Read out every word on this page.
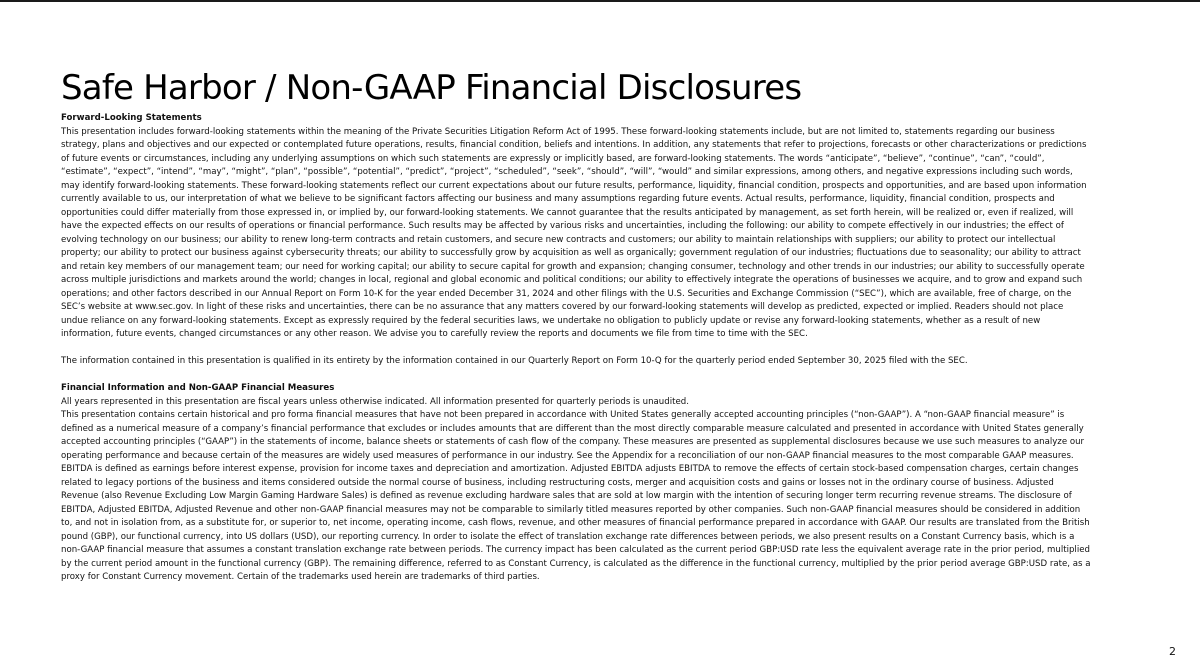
Safe Harbor / Non-GAAP Financial Disclosures

Forward-Looking Statements

This presentation includes forward-looking statements within the meaning of the Private Securities Litigation Reform Act of 1995. These forward-looking statements include, but are not limited to, statements regarding our business strategy, plans and objectives and our expected or contemplated future operations, results, financial condition, beliefs and intentions. In addition, any statements that refer to projections, forecasts or other characterizations or predictions of future events or circumstances, including any underlying assumptions on which such statements are expressly or implicitly based, are forward-looking statements. The words “anticipate”, “believe”, “continue”, “can”, “could”, “estimate”, “expect”, “intend”, “may”, “might”, “plan”, “possible”, “potential”, “predict”, “project”, “scheduled”, “seek”, “should”, “will”, “would” and similar expressions, among others, and negative expressions including such words, may identify forward-looking statements. These forward-looking statements reflect our current expectations about our future results, performance, liquidity, financial condition, prospects and opportunities, and are based upon information currently available to us, our interpretation of what we believe to be significant factors affecting our business and many assumptions regarding future events. Actual results, performance, liquidity, financial condition, prospects and opportunities could differ materially from those expressed in, or implied by, our forward-looking statements. We cannot guarantee that the results anticipated by management, as set forth herein, will be realized or, even if realized, will have the expected effects on our results of operations or financial performance. Such results may be affected by various risks and uncertainties, including the following: our ability to compete effectively in our industries; the effect of evolving technology on our business; our ability to renew long-term contracts and retain customers, and secure new contracts and customers; our ability to maintain relationships with suppliers; our ability to protect our intellectual property; our ability to protect our business against cybersecurity threats; our ability to successfully grow by acquisition as well as organically; government regulation of our industries; fluctuations due to seasonality; our ability to attract and retain key members of our management team; our need for working capital; our ability to secure capital for growth and expansion; changing consumer, technology and other trends in our industries; our ability to successfully operate across multiple jurisdictions and markets around the world; changes in local, regional and global economic and political conditions; our ability to effectively integrate the operations of businesses we acquire, and to grow and expand such operations; and other factors described in our Annual Report on Form 10-K for the year ended December 31, 2024 and other filings with the U.S. Securities and Exchange Commission (“SEC”), which are available, free of charge, on the SEC’s website at www.sec.gov. In light of these risks and uncertainties, there can be no assurance that any matters covered by our forward-looking statements will develop as predicted, expected or implied. Readers should not place undue reliance on any forward-looking statements. Except as expressly required by the federal securities laws, we undertake no obligation to publicly update or revise any forward-looking statements, whether as a result of new information, future events, changed circumstances or any other reason. We advise you to carefully review the reports and documents we file from time to time with the SEC.

The information contained in this presentation is qualified in its entirety by the information contained in our Quarterly Report on Form 10-Q for the quarterly period ended September 30, 2025 filed with the SEC.

Financial Information and Non-GAAP Financial Measures

All years represented in this presentation are fiscal years unless otherwise indicated. All information presented for quarterly periods is unaudited.

This presentation contains certain historical and pro forma financial measures that have not been prepared in accordance with United States generally accepted accounting principles (“non-GAAP”). A “non-GAAP financial measure” is defined as a numerical measure of a company’s financial performance that excludes or includes amounts that are different than the most directly comparable measure calculated and presented in accordance with United States generally accepted accounting principles (“GAAP”) in the statements of income, balance sheets or statements of cash flow of the company. These measures are presented as supplemental disclosures because we use such measures to analyze our operating performance and because certain of the measures are widely used measures of performance in our industry. See the Appendix for a reconciliation of our non-GAAP financial measures to the most comparable GAAP measures. EBITDA is defined as earnings before interest expense, provision for income taxes and depreciation and amortization. Adjusted EBITDA adjusts EBITDA to remove the effects of certain stock-based compensation charges, certain changes related to legacy portions of the business and items considered outside the normal course of business, including restructuring costs, merger and acquisition costs and gains or losses not in the ordinary course of business. Adjusted Revenue (also Revenue Excluding Low Margin Gaming Hardware Sales) is defined as revenue excluding hardware sales that are sold at low margin with the intention of securing longer term recurring revenue streams. The disclosure of EBITDA, Adjusted EBITDA, Adjusted Revenue and other non-GAAP financial measures may not be comparable to similarly titled measures reported by other companies. Such non-GAAP financial measures should be considered in addition to, and not in isolation from, as a substitute for, or superior to, net income, operating income, cash flows, revenue, and other measures of financial performance prepared in accordance with GAAP. Our results are translated from the British pound (GBP), our functional currency, into US dollars (USD), our reporting currency. In order to isolate the effect of translation exchange rate differences between periods, we also present results on a Constant Currency basis, which is a non-GAAP financial measure that assumes a constant translation exchange rate between periods. The currency impact has been calculated as the current period GBP:USD rate less the equivalent average rate in the prior period, multiplied by the current period amount in the functional currency (GBP). The remaining difference, referred to as Constant Currency, is calculated as the difference in the functional currency, multiplied by the prior period average GBP:USD rate, as a proxy for Constant Currency movement. Certain of the trademarks used herein are trademarks of third parties.

2
